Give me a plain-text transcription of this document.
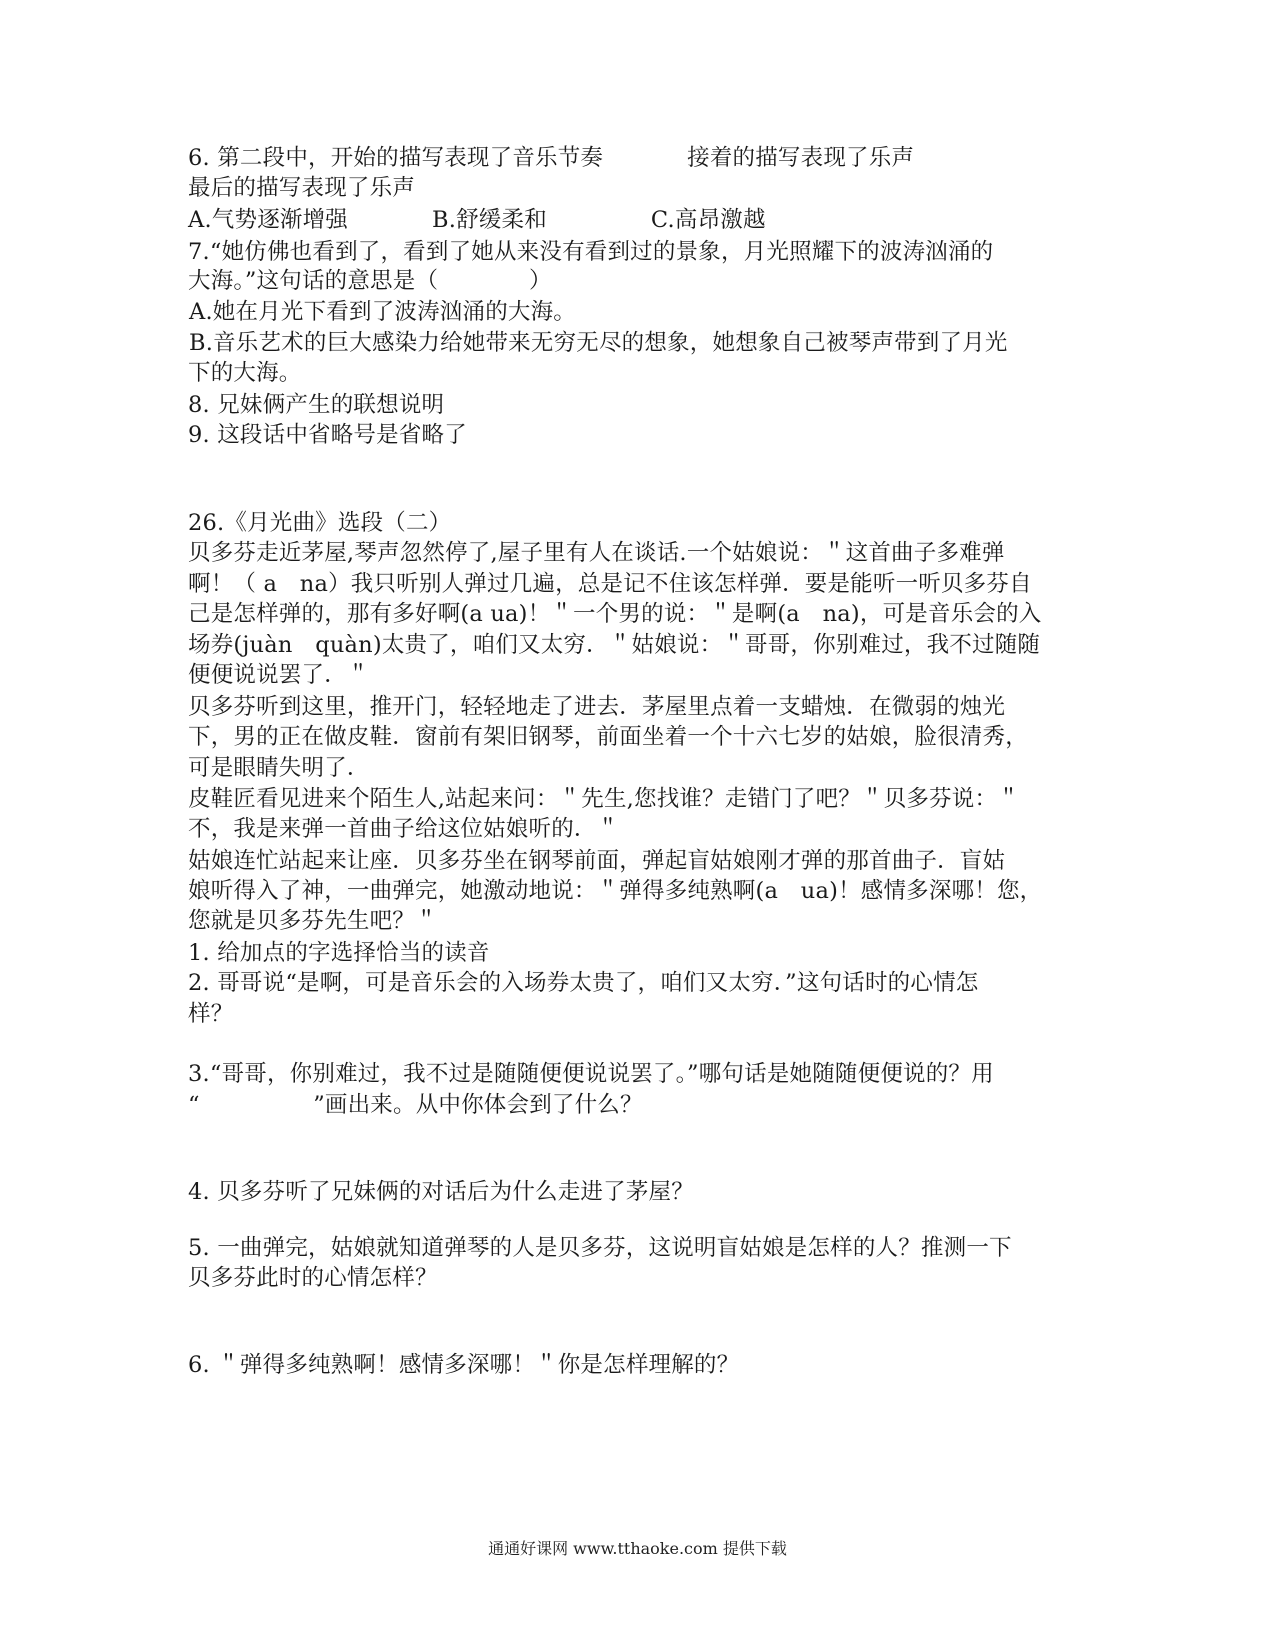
6. 第二段中，开始的描写表现了音乐节奏	接着的描写表现了乐声
最后的描写表现了乐声
A.气势逐渐增强	B.舒缓柔和	C.高昂激越
7.“她仿佛也看到了，看到了她从来没有看到过的景象，月光照耀下的波涛汹涌的
大海。”这句话的意思是（　　　　）
A.她在月光下看到了波涛汹涌的大海。
B.音乐艺术的巨大感染力给她带来无穷无尽的想象，她想象自己被琴声带到了月光
下的大海。
8. 兄妹俩产生的联想说明
9. 这段话中省略号是省略了
26.《月光曲》选段（二）
贝多芬走近茅屋,琴声忽然停了,屋子里有人在谈话.一个姑娘说：＂这首曲子多难弹
啊！（ a　na）我只听别人弹过几遍，总是记不住该怎样弹．要是能听一听贝多芬自
己是怎样弹的，那有多好啊(a ua)！＂一个男的说：＂是啊(a　na)，可是音乐会的入
场券(juàn　quàn)太贵了，咱们又太穷．＂姑娘说：＂哥哥，你别难过，我不过随随
便便说说罢了．＂
贝多芬听到这里，推开门，轻轻地走了进去．茅屋里点着一支蜡烛．在微弱的烛光
下，男的正在做皮鞋．窗前有架旧钢琴，前面坐着一个十六七岁的姑娘，脸很清秀，
可是眼睛失明了．
皮鞋匠看见进来个陌生人,站起来问：＂先生,您找谁？走错门了吧？＂贝多芬说：＂
不，我是来弹一首曲子给这位姑娘听的．＂
姑娘连忙站起来让座．贝多芬坐在钢琴前面，弹起盲姑娘刚才弹的那首曲子．盲姑
娘听得入了神，一曲弹完，她激动地说：＂弹得多纯熟啊(a　ua)！感情多深哪！您，
您就是贝多芬先生吧？＂
1. 给加点的字选择恰当的读音
2. 哥哥说“是啊，可是音乐会的入场券太贵了，咱们又太穷．”这句话时的心情怎
样？
3.“哥哥，你别难过，我不过是随随便便说说罢了。”哪句话是她随随便便说的？用
“　　　　　”画出来。从中你体会到了什么？
4. 贝多芬听了兄妹俩的对话后为什么走进了茅屋？
5. 一曲弹完，姑娘就知道弹琴的人是贝多芬，这说明盲姑娘是怎样的人？推测一下
贝多芬此时的心情怎样？
6. ＂弹得多纯熟啊！感情多深哪！＂你是怎样理解的？
通通好课网 www.tthaoke.com 提供下载
